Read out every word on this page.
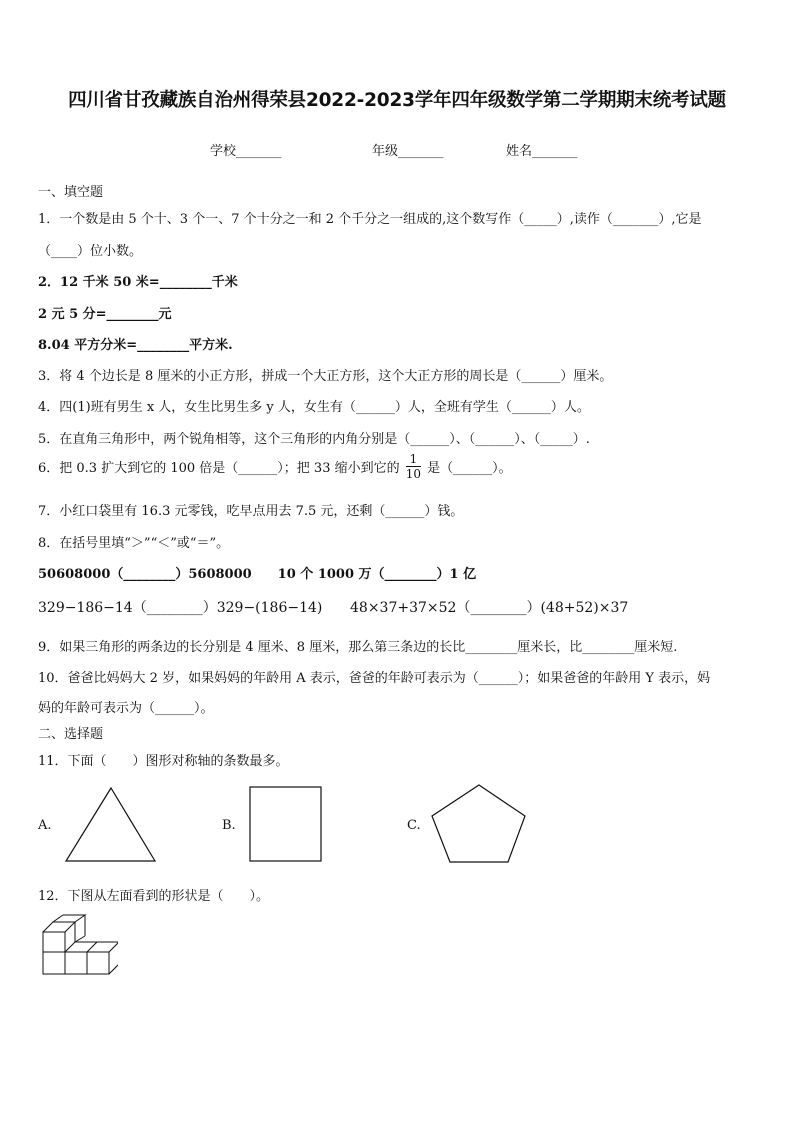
四川省甘孜藏族自治州得荣县2022-2023学年四年级数学第二学期期末统考试题
学校_______	年级_______	姓名_______
一、填空题
1．一个数是由 5 个十、3 个一、7 个十分之一和 2 个千分之一组成的,这个数写作（_____）,读作（_______）,它是
（____）位小数。
2．12 千米 50 米=________千米
2 元 5 分=________元
8.04 平方分米=________平方米.
3．将 4 个边长是 8 厘米的小正方形，拼成一个大正方形，这个大正方形的周长是（______）厘米。
4．四(1)班有男生 x 人，女生比男生多 y 人，女生有（______）人，全班有学生（______）人。
5．在直角三角形中，两个锐角相等，这个三角形的内角分别是（______）、（______）、（_____）.
6．把 0.3 扩大到它的 100 倍是（______）；把 33 缩小到它的 $\frac{1}{10}$ 是（______）。
7．小红口袋里有 16.3 元零钱，吃早点用去 7.5 元，还剩（______）钱。
8．在括号里填“＞”“＜”或“＝”。
50608000（________）5608000　　10 个 1000 万（________）1 亿
329−186−14（________）329−(186−14) 48×37+37×52（________）(48+52)×37
9．如果三角形的两条边的长分别是 4 厘米、8 厘米，那么第三条边的长比________厘米长，比________厘米短.
10．爸爸比妈妈大 2 岁，如果妈妈的年龄用 A 表示，爸爸的年龄可表示为（______）；如果爸爸的年龄用 Y 表示，妈
妈的年龄可表示为（______）。
二、选择题
11．下面（　　）图形对称轴的条数最多。
A.	B.	C.
12．下图从左面看到的形状是（　　）。
